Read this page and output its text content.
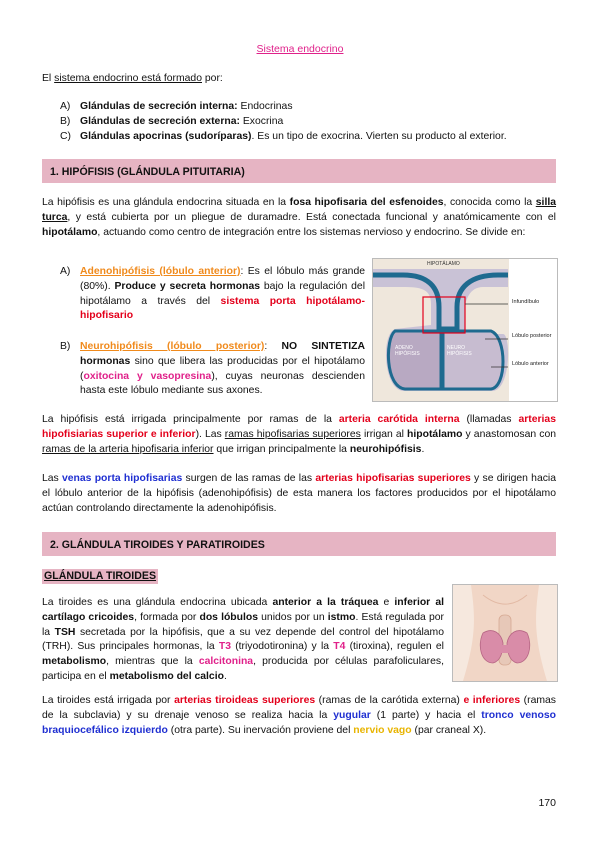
Sistema endocrino
El sistema endocrino está formado por:
A) Glándulas de secreción interna: Endocrinas
B) Glándulas de secreción externa: Exocrina
C) Glándulas apocrinas (sudoríparas). Es un tipo de exocrina. Vierten su producto al exterior.
1. HIPÓFISIS (GLÁNDULA PITUITARIA)
La hipófisis es una glándula endocrina situada en la fosa hipofisaria del esfenoides, conocida como la silla turca, y está cubierta por un pliegue de duramadre. Está conectada funcional y anatómicamente con el hipotálamo, actuando como centro de integración entre los sistemas nervioso y endocrino. Se divide en:
A) Adenohipófisis (lóbulo anterior): Es el lóbulo más grande (80%). Produce y secreta hormonas bajo la regulación del hipotálamo a través del sistema porta hipotálamo-hipofisario
B) Neurohipófisis (lóbulo posterior): NO SINTETIZA hormonas sino que libera las producidas por el hipotálamo (oxitocina y vasopresina), cuyas neuronas descienden hasta este lóbulo mediante sus axones.
HIPOTÁLAMO
Infundíbulo
Lóbulo posterior
Lóbulo anterior
ADENO HIPÓFISIS
NEURO HIPÓFISIS
La hipófisis está irrigada principalmente por ramas de la arteria carótida interna (llamadas arterias hipofisiarias superior e inferior). Las ramas hipofisarias superiores irrigan al hipotálamo y anastomosan con ramas de la arteria hipofisaria inferior que irrigan principalmente la neurohipófisis.
Las venas porta hipofisarias surgen de las ramas de las arterias hipofisarias superiores y se dirigen hacia el lóbulo anterior de la hipófisis (adenohipófisis) de esta manera los factores producidos por el hipotálamo actúan controlando directamente la adenohipófisis.
2. GLÁNDULA TIROIDES Y PARATIROIDES
GLÁNDULA TIROIDES
La tiroides es una glándula endocrina ubicada anterior a la tráquea e inferior al cartílago cricoides, formada por dos lóbulos unidos por un istmo. Está regulada por la TSH secretada por la hipófisis, que a su vez depende del control del hipotálamo (TRH). Sus principales hormonas, la T3 (triyodotironina) y la T4 (tiroxina), regulen el metabolismo, mientras que la calcitonina, producida por células parafoliculares, participa en el metabolismo del calcio.
La tiroides está irrigada por arterias tiroideas superiores (ramas de la carótida externa) e inferiores (ramas de la subclavia) y su drenaje venoso se realiza hacia la yugular (1 parte) y hacia el tronco venoso braquiocefálico izquierdo (otra parte). Su inervación proviene del nervio vago (par craneal X).
170
